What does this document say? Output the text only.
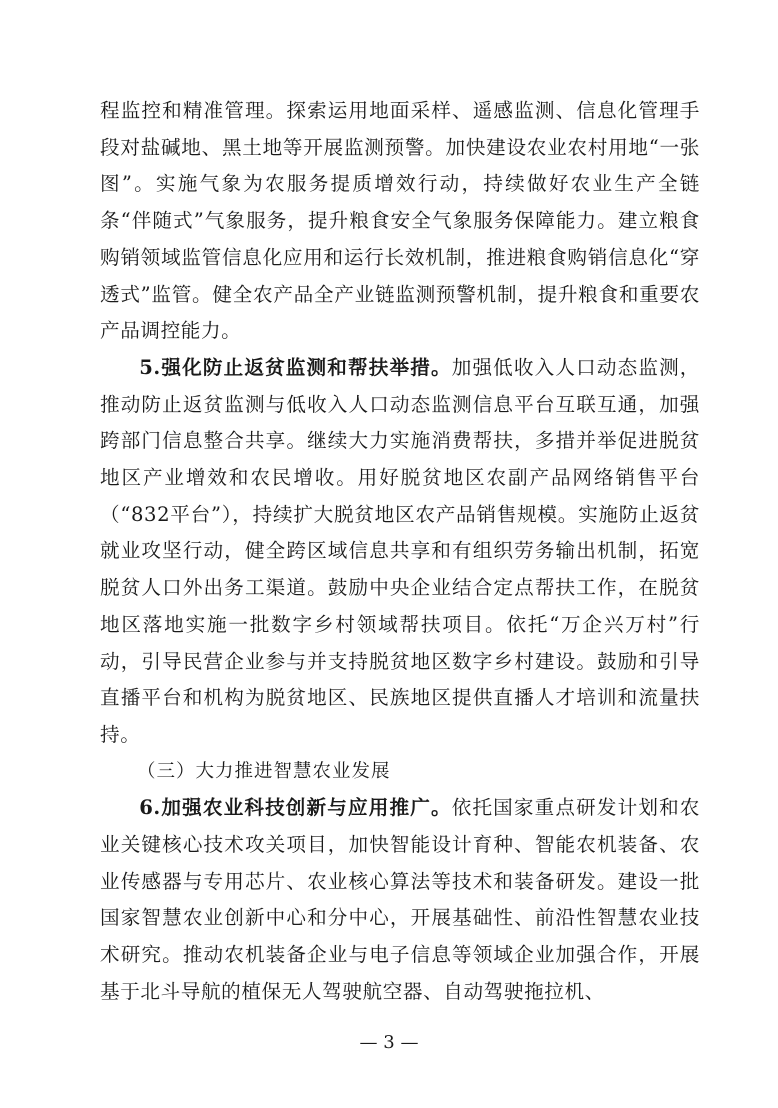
程监控和精准管理。探索运用地面采样、遥感监测、信息化管理手段对盐碱地、黑土地等开展监测预警。加快建设农业农村用地“一张图”。实施气象为农服务提质增效行动，持续做好农业生产全链条“伴随式”气象服务，提升粮食安全气象服务保障能力。建立粮食购销领域监管信息化应用和运行长效机制，推进粮食购销信息化“穿透式”监管。健全农产品全产业链监测预警机制，提升粮食和重要农产品调控能力。

5.强化防止返贫监测和帮扶举措。加强低收入人口动态监测，推动防止返贫监测与低收入人口动态监测信息平台互联互通，加强跨部门信息整合共享。继续大力实施消费帮扶，多措并举促进脱贫地区产业增效和农民增收。用好脱贫地区农副产品网络销售平台（“832平台”），持续扩大脱贫地区农产品销售规模。实施防止返贫就业攻坚行动，健全跨区域信息共享和有组织劳务输出机制，拓宽脱贫人口外出务工渠道。鼓励中央企业结合定点帮扶工作，在脱贫地区落地实施一批数字乡村领域帮扶项目。依托“万企兴万村”行动，引导民营企业参与并支持脱贫地区数字乡村建设。鼓励和引导直播平台和机构为脱贫地区、民族地区提供直播人才培训和流量扶持。

（三）大力推进智慧农业发展

6.加强农业科技创新与应用推广。依托国家重点研发计划和农业关键核心技术攻关项目，加快智能设计育种、智能农机装备、农业传感器与专用芯片、农业核心算法等技术和装备研发。建设一批国家智慧农业创新中心和分中心，开展基础性、前沿性智慧农业技术研究。推动农机装备企业与电子信息等领域企业加强合作，开展基于北斗导航的植保无人驾驶航空器、自动驾驶拖拉机、

— 3 —
